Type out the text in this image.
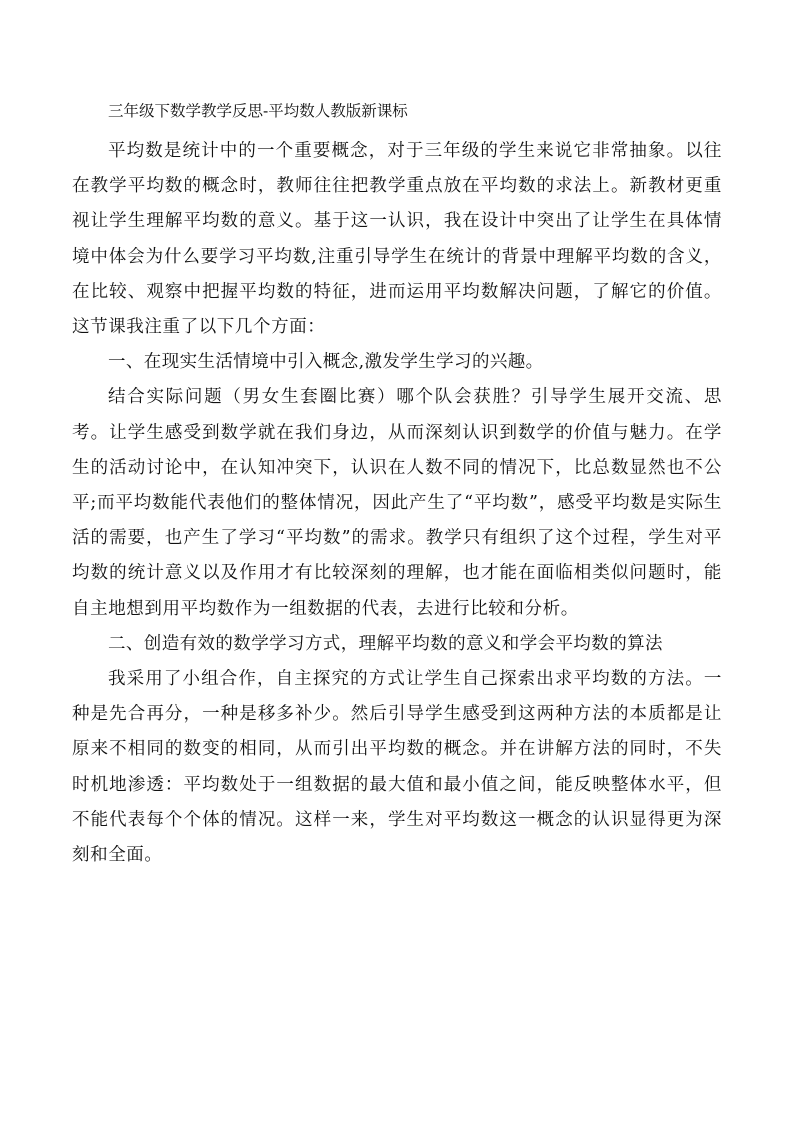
三年级下数学教学反思-平均数人教版新课标

平均数是统计中的一个重要概念，对于三年级的学生来说它非常抽象。以往在教学平均数的概念时，教师往往把教学重点放在平均数的求法上。新教材更重视让学生理解平均数的意义。基于这一认识，我在设计中突出了让学生在具体情境中体会为什么要学习平均数,注重引导学生在统计的背景中理解平均数的含义，在比较、观察中把握平均数的特征，进而运用平均数解决问题，了解它的价值。这节课我注重了以下几个方面：

一、在现实生活情境中引入概念,激发学生学习的兴趣。

结合实际问题（男女生套圈比赛）哪个队会获胜？引导学生展开交流、思考。让学生感受到数学就在我们身边，从而深刻认识到数学的价值与魅力。在学生的活动讨论中，在认知冲突下，认识在人数不同的情况下，比总数显然也不公平;而平均数能代表他们的整体情况，因此产生了“平均数”，感受平均数是实际生活的需要，也产生了学习“平均数”的需求。教学只有组织了这个过程，学生对平均数的统计意义以及作用才有比较深刻的理解，也才能在面临相类似问题时，能自主地想到用平均数作为一组数据的代表，去进行比较和分析。

二、创造有效的数学学习方式，理解平均数的意义和学会平均数的算法

我采用了小组合作，自主探究的方式让学生自己探索出求平均数的方法。一种是先合再分，一种是移多补少。然后引导学生感受到这两种方法的本质都是让原来不相同的数变的相同，从而引出平均数的概念。并在讲解方法的同时，不失时机地渗透：平均数处于一组数据的最大值和最小值之间，能反映整体水平，但不能代表每个个体的情况。这样一来，学生对平均数这一概念的认识显得更为深刻和全面。
